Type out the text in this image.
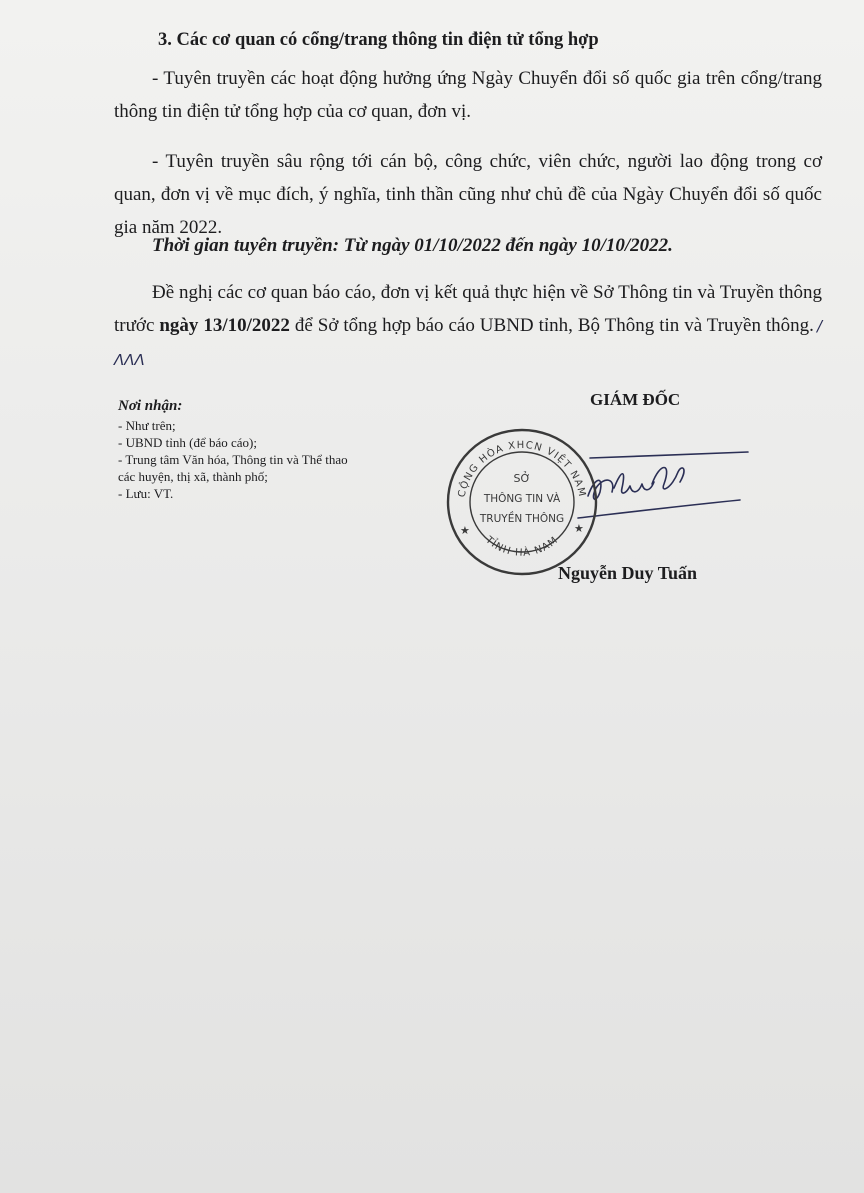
3. Các cơ quan có cổng/trang thông tin điện tử tổng hợp
- Tuyên truyền các hoạt động hưởng ứng Ngày Chuyển đổi số quốc gia trên cổng/trang thông tin điện tử tổng hợp của cơ quan, đơn vị.
- Tuyên truyền sâu rộng tới cán bộ, công chức, viên chức, người lao động trong cơ quan, đơn vị về mục đích, ý nghĩa, tinh thần cũng như chủ đề của Ngày Chuyển đổi số quốc gia năm 2022.
Thời gian tuyên truyền: Từ ngày 01/10/2022 đến ngày 10/10/2022.
Đề nghị các cơ quan báo cáo, đơn vị kết quả thực hiện về Sở Thông tin và Truyền thông trước ngày 13/10/2022 để Sở tổng hợp báo cáo UBND tỉnh, Bộ Thông tin và Truyền thông. /ΛΛΛ
Nơi nhận:
- Như trên;
- UBND tỉnh (để báo cáo);
- Trung tâm Văn hóa, Thông tin và Thể thao
các huyện, thị xã, thành phố;
- Lưu: VT.
GIÁM ĐỐC
CỘNG HÒA XHCN VIỆT NAM
TỈNH HÀ NAM
SỞ
THÔNG TIN VÀ
TRUYỀN THÔNG
★	★
Nguyễn Duy Tuấn
